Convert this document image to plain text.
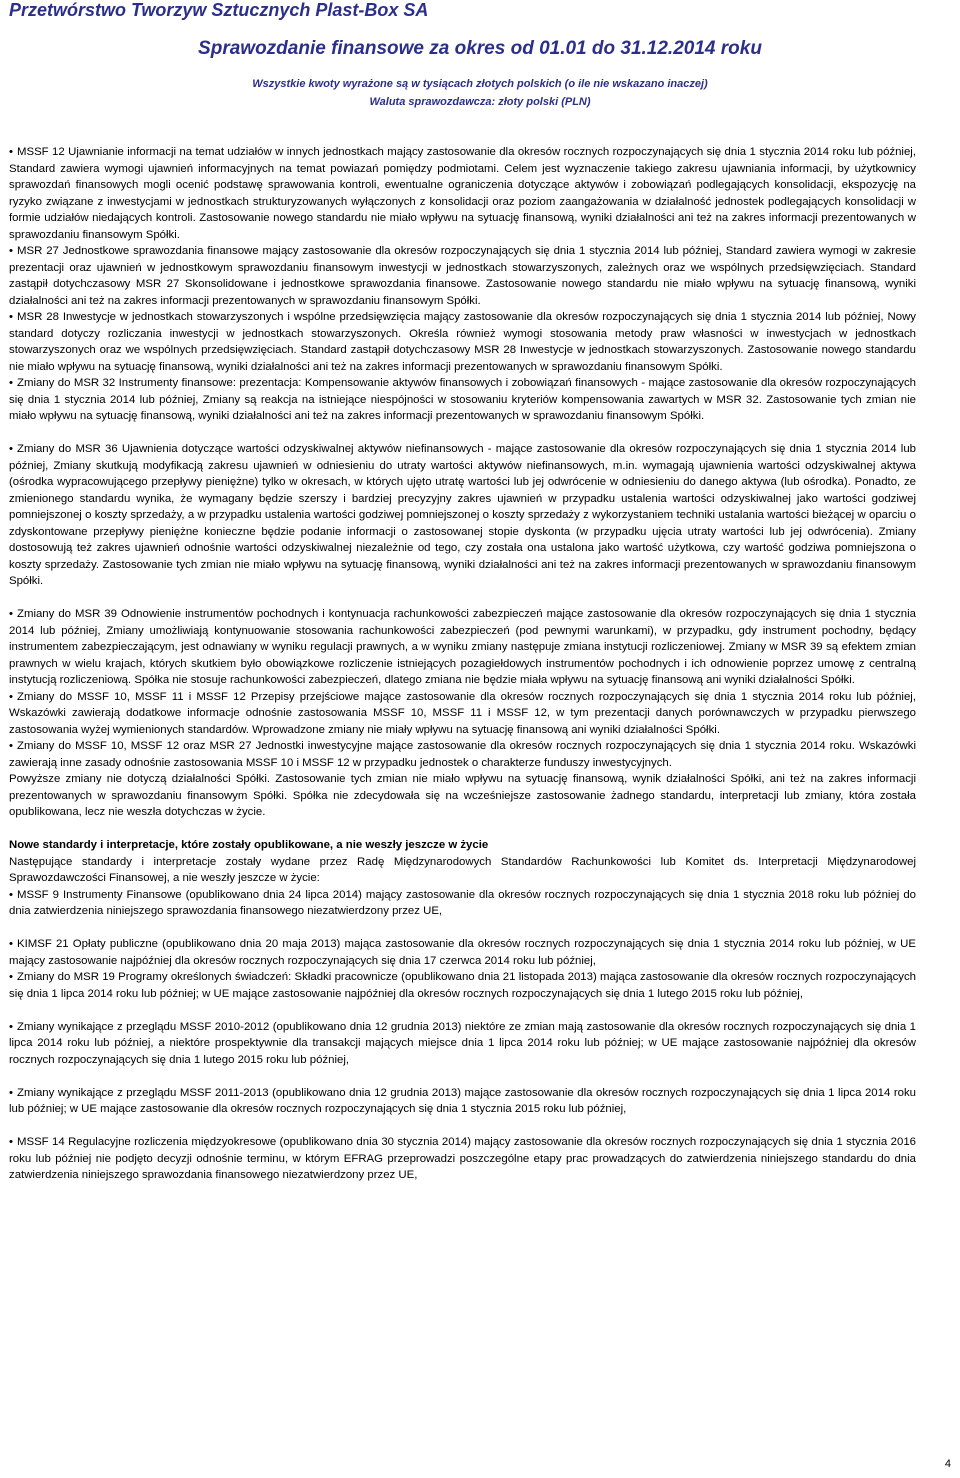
Przetwórstwo Tworzyw Sztucznych Plast-Box SA
Sprawozdanie finansowe za okres od 01.01 do 31.12.2014 roku
Wszystkie kwoty wyrażone są w tysiącach złotych polskich (o ile nie wskazano inaczej)
Waluta sprawozdawcza: złoty polski (PLN)

• MSSF 12 Ujawnianie informacji na temat udziałów w innych jednostkach mający zastosowanie dla okresów rocznych rozpoczynających się dnia 1 stycznia 2014 roku lub później, Standard zawiera wymogi ujawnień informacyjnych na temat powiazań pomiędzy podmiotami. Celem jest wyznaczenie takiego zakresu ujawniania informacji, by użytkownicy sprawozdań finansowych mogli ocenić podstawę sprawowania kontroli, ewentualne ograniczenia dotyczące aktywów i zobowiązań podlegających konsolidacji, ekspozycję na ryzyko związane z inwestycjami w jednostkach strukturyzowanych wyłączonych z konsolidacji oraz poziom zaangażowania w działalność jednostek podlegających konsolidacji w formie udziałów niedających kontroli. Zastosowanie nowego standardu nie miało wpływu na sytuację finansową, wyniki działalności ani też na zakres informacji prezentowanych w sprawozdaniu finansowym Spółki.

• MSR 27 Jednostkowe sprawozdania finansowe mający zastosowanie dla okresów rozpoczynających się dnia 1 stycznia 2014 lub później, Standard zawiera wymogi w zakresie prezentacji oraz ujawnień w jednostkowym sprawozdaniu finansowym inwestycji w jednostkach stowarzyszonych, zależnych oraz we wspólnych przedsięwzięciach. Standard zastąpił dotychczasowy MSR 27 Skonsolidowane i jednostkowe sprawozdania finansowe. Zastosowanie nowego standardu nie miało wpływu na sytuację finansową, wyniki działalności ani też na zakres informacji prezentowanych w sprawozdaniu finansowym Spółki.

• MSR 28 Inwestycje w jednostkach stowarzyszonych i wspólne przedsięwzięcia mający zastosowanie dla okresów rozpoczynających się dnia 1 stycznia 2014 lub później, Nowy standard dotyczy rozliczania inwestycji w jednostkach stowarzyszonych. Określa również wymogi stosowania metody praw własności w inwestycjach w jednostkach stowarzyszonych oraz we wspólnych przedsięwzięciach. Standard zastąpił dotychczasowy MSR 28 Inwestycje w jednostkach stowarzyszonych. Zastosowanie nowego standardu nie miało wpływu na sytuację finansową, wyniki działalności ani też na zakres informacji prezentowanych w sprawozdaniu finansowym Spółki.

• Zmiany do MSR 32 Instrumenty finansowe: prezentacja: Kompensowanie aktywów finansowych i zobowiązań finansowych - mające zastosowanie dla okresów rozpoczynających się dnia 1 stycznia 2014 lub później, Zmiany są reakcja na istniejące niespójności w stosowaniu kryteriów kompensowania zawartych w MSR 32. Zastosowanie tych zmian nie miało wpływu na sytuację finansową, wyniki działalności ani też na zakres informacji prezentowanych w sprawozdaniu finansowym Spółki.

• Zmiany do MSR 36 Ujawnienia dotyczące wartości odzyskiwalnej aktywów niefinansowych - mające zastosowanie dla okresów rozpoczynających się dnia 1 stycznia 2014 lub później, Zmiany skutkują modyfikacją zakresu ujawnień w odniesieniu do utraty wartości aktywów niefinansowych, m.in. wymagają ujawnienia wartości odzyskiwalnej aktywa (ośrodka wypracowującego przepływy pieniężne) tylko w okresach, w których ujęto utratę wartości lub jej odwrócenie w odniesieniu do danego aktywa (lub ośrodka). Ponadto, ze zmienionego standardu wynika, że wymagany będzie szerszy i bardziej precyzyjny zakres ujawnień w przypadku ustalenia wartości odzyskiwalnej jako wartości godziwej pomniejszonej o koszty sprzedaży, a w przypadku ustalenia wartości godziwej pomniejszonej o koszty sprzedaży z wykorzystaniem techniki ustalania wartości bieżącej w oparciu o zdyskontowane przepływy pieniężne konieczne będzie podanie informacji o zastosowanej stopie dyskonta (w przypadku ujęcia utraty wartości lub jej odwrócenia). Zmiany dostosowują też zakres ujawnień odnośnie wartości odzyskiwalnej niezależnie od tego, czy została ona ustalona jako wartość użytkowa, czy wartość godziwa pomniejszona o koszty sprzedaży. Zastosowanie tych zmian nie miało wpływu na sytuację finansową, wyniki działalności ani też na zakres informacji prezentowanych w sprawozdaniu finansowym Spółki.

• Zmiany do MSR 39 Odnowienie instrumentów pochodnych i kontynuacja rachunkowości zabezpieczeń mające zastosowanie dla okresów rozpoczynających się dnia 1 stycznia 2014 lub później, Zmiany umożliwiają kontynuowanie stosowania rachunkowości zabezpieczeń (pod pewnymi warunkami), w przypadku, gdy instrument pochodny, będący instrumentem zabezpieczającym, jest odnawiany w wyniku regulacji prawnych, a w wyniku zmiany następuje zmiana instytucji rozliczeniowej. Zmiany w MSR 39 są efektem zmian prawnych w wielu krajach, których skutkiem było obowiązkowe rozliczenie istniejących pozagiełdowych instrumentów pochodnych i ich odnowienie poprzez umowę z centralną instytucją rozliczeniową. Spółka nie stosuje rachunkowości zabezpieczeń, dlatego zmiana nie będzie miała wpływu na sytuację finansową ani wyniki działalności Spółki.

• Zmiany do MSSF 10, MSSF 11 i MSSF 12 Przepisy przejściowe mające zastosowanie dla okresów rocznych rozpoczynających się dnia 1 stycznia 2014 roku lub później, Wskazówki zawierają dodatkowe informacje odnośnie zastosowania MSSF 10, MSSF 11 i MSSF 12, w tym prezentacji danych porównawczych w przypadku pierwszego zastosowania wyżej wymienionych standardów. Wprowadzone zmiany nie miały wpływu na sytuację finansową ani wyniki działalności Spółki.

• Zmiany do MSSF 10, MSSF 12 oraz MSR 27 Jednostki inwestycyjne mające zastosowanie dla okresów rocznych rozpoczynających się dnia 1 stycznia 2014 roku. Wskazówki zawierają inne zasady odnośnie zastosowania MSSF 10 i MSSF 12 w przypadku jednostek o charakterze funduszy inwestycyjnych.

Powyższe zmiany nie dotyczą działalności Spółki. Zastosowanie tych zmian nie miało wpływu na sytuację finansową, wynik działalności Spółki, ani też na zakres informacji prezentowanych w sprawozdaniu finansowym Spółki. Spółka nie zdecydowała się na wcześniejsze zastosowanie żadnego standardu, interpretacji lub zmiany, która została opublikowana, lecz nie weszła dotychczas w życie.

Nowe standardy i interpretacje, które zostały opublikowane, a nie weszły jeszcze w życie

Następujące standardy i interpretacje zostały wydane przez Radę Międzynarodowych Standardów Rachunkowości lub Komitet ds. Interpretacji Międzynarodowej Sprawozdawczości Finansowej, a nie weszły jeszcze w życie:

• MSSF 9 Instrumenty Finansowe (opublikowano dnia 24 lipca 2014) mający zastosowanie dla okresów rocznych rozpoczynających się dnia 1 stycznia 2018 roku lub później do dnia zatwierdzenia niniejszego sprawozdania finansowego niezatwierdzony przez UE,

• KIMSF 21 Opłaty publiczne (opublikowano dnia 20 maja 2013) mająca zastosowanie dla okresów rocznych rozpoczynających się dnia 1 stycznia 2014 roku lub później, w UE mający zastosowanie najpóźniej dla okresów rocznych rozpoczynających się dnia 17 czerwca 2014 roku lub później,

• Zmiany do MSR 19 Programy określonych świadczeń: Składki pracownicze (opublikowano dnia 21 listopada 2013) mająca zastosowanie dla okresów rocznych rozpoczynających się dnia 1 lipca 2014 roku lub później; w UE mające zastosowanie najpóźniej dla okresów rocznych rozpoczynających się dnia 1 lutego 2015 roku lub później,

• Zmiany wynikające z przeglądu MSSF 2010-2012 (opublikowano dnia 12 grudnia 2013) niektóre ze zmian mają zastosowanie dla okresów rocznych rozpoczynających się dnia 1 lipca 2014 roku lub później, a niektóre prospektywnie dla transakcji mających miejsce dnia 1 lipca 2014 roku lub później; w UE mające zastosowanie najpóźniej dla okresów rocznych rozpoczynających się dnia 1 lutego 2015 roku lub później,

• Zmiany wynikające z przeglądu MSSF 2011-2013 (opublikowano dnia 12 grudnia 2013) mające zastosowanie dla okresów rocznych rozpoczynających się dnia 1 lipca 2014 roku lub później; w UE mające zastosowanie dla okresów rocznych rozpoczynających się dnia 1 stycznia 2015 roku lub później,

• MSSF 14 Regulacyjne rozliczenia międzyokresowe (opublikowano dnia 30 stycznia 2014) mający zastosowanie dla okresów rocznych rozpoczynających się dnia 1 stycznia 2016 roku lub później nie podjęto decyzji odnośnie terminu, w którym EFRAG przeprowadzi poszczególne etapy prac prowadzących do zatwierdzenia niniejszego standardu do dnia zatwierdzenia niniejszego sprawozdania finansowego niezatwierdzony przez UE,

4
